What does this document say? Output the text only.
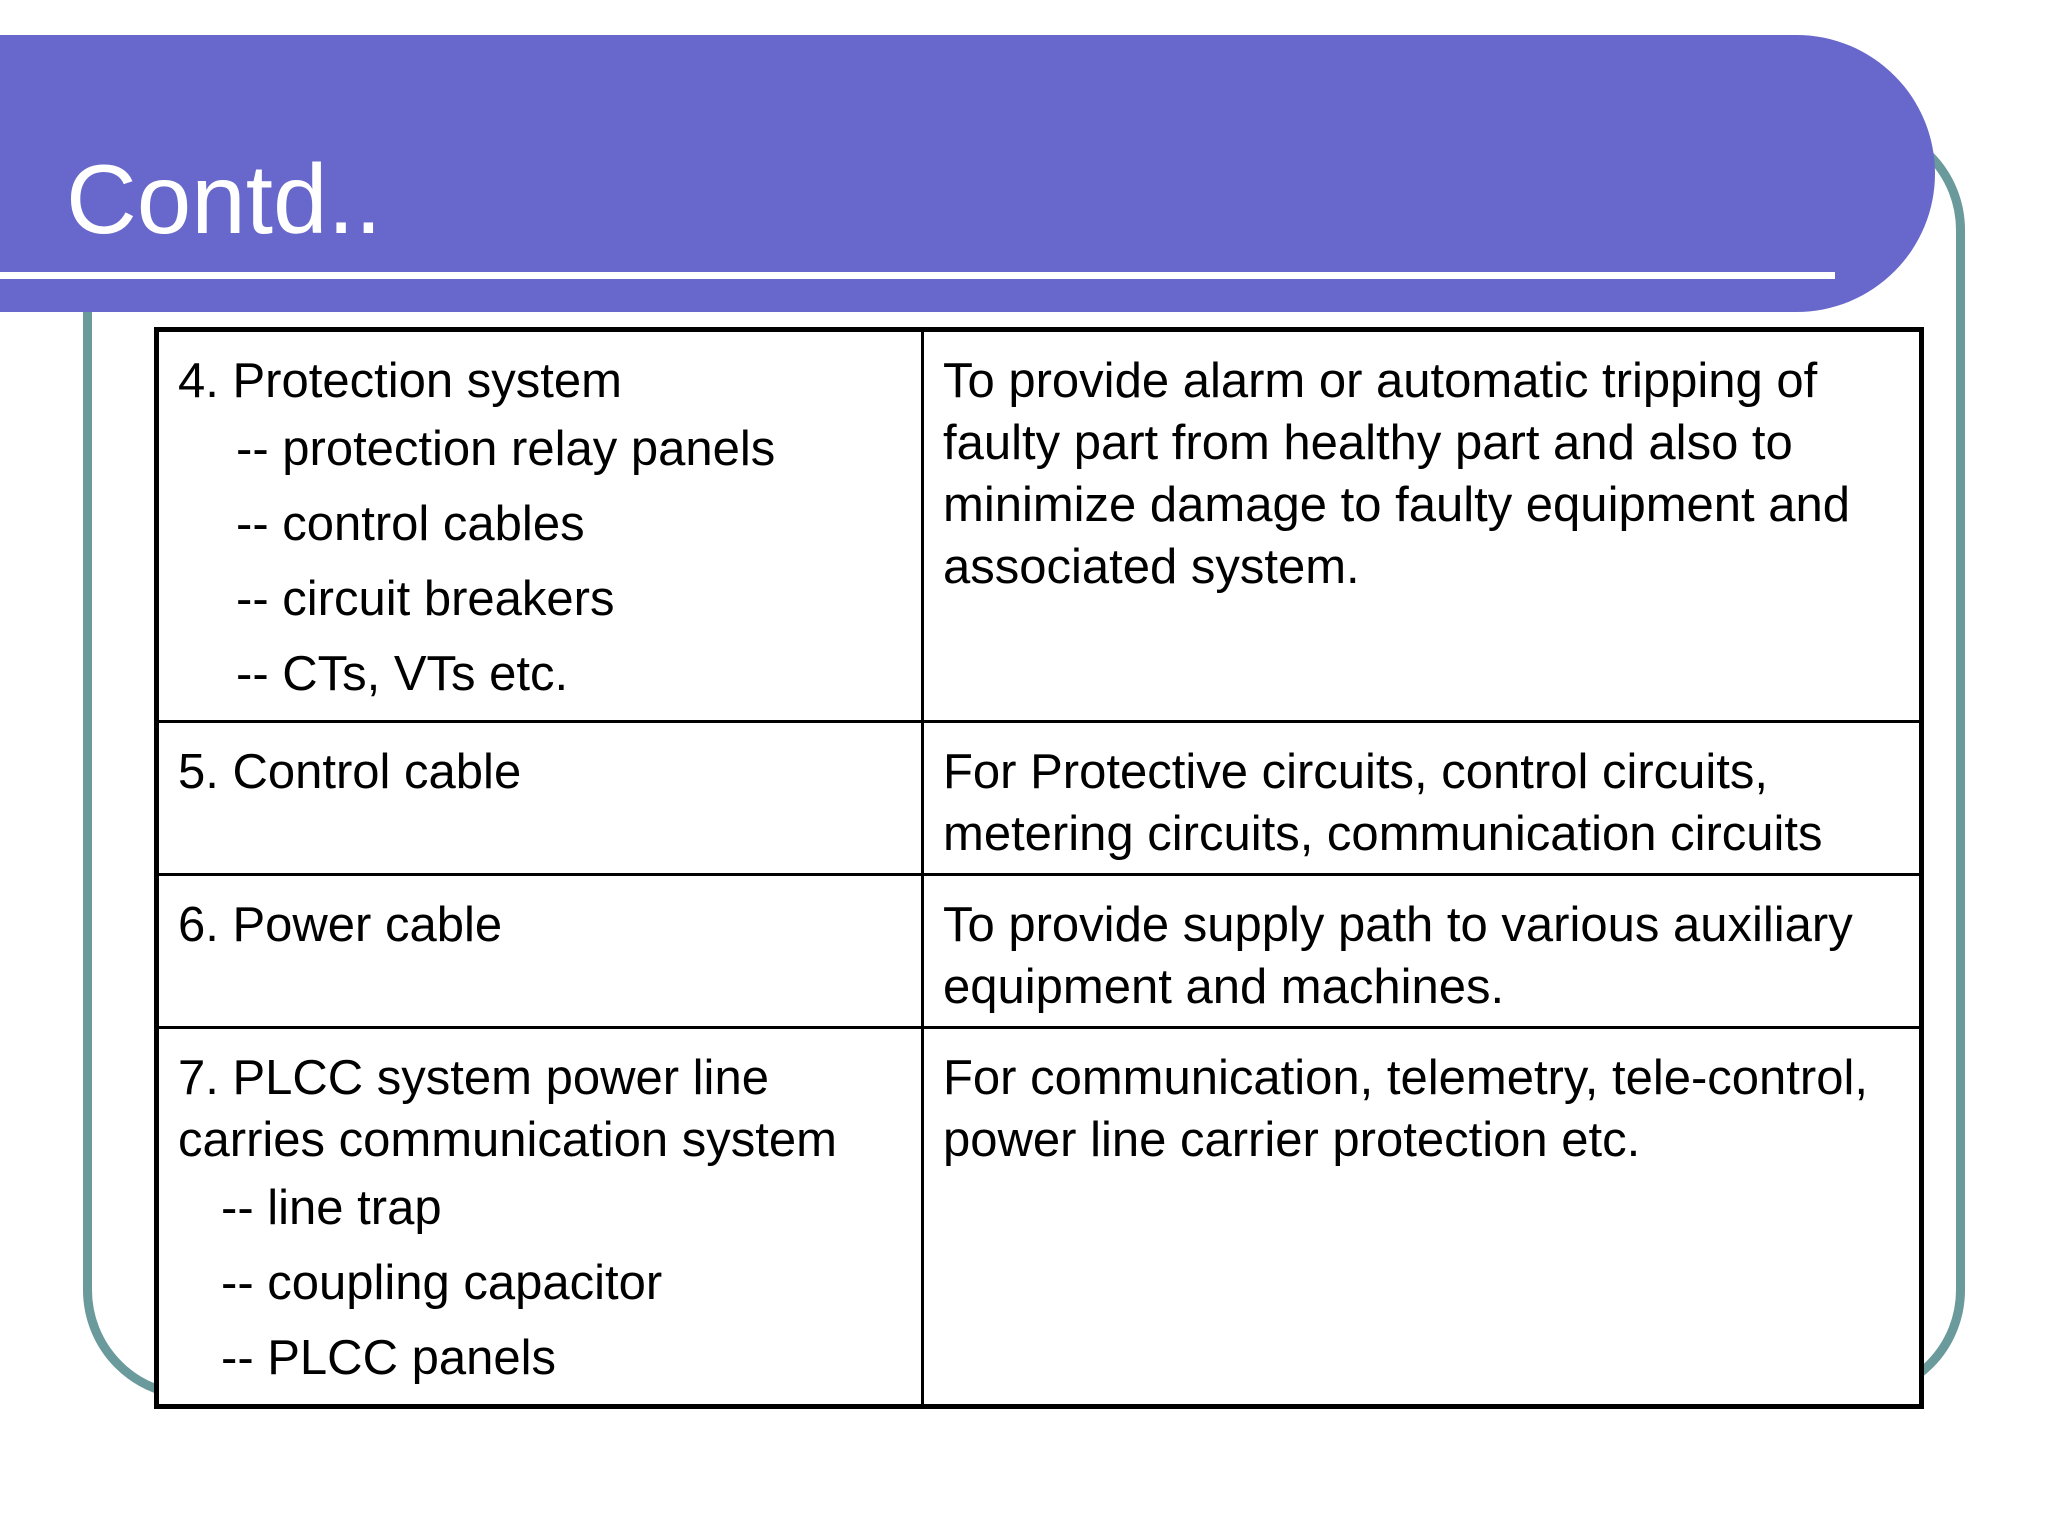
Contd..
4. Protection system
-- protection relay panels
-- control cables
-- circuit breakers
-- CTs, VTs etc.	To provide alarm or automatic tripping of faulty part from healthy part and also to minimize damage to faulty equipment and associated system.

5. Control cable	For Protective circuits, control circuits, metering circuits, communication circuits

6. Power cable	To provide supply path to various auxiliary equipment and machines.

7. PLCC system power line carries communication system
-- line trap
-- coupling capacitor
-- PLCC panels	For communication, telemetry, tele-control, power line carrier protection etc.
